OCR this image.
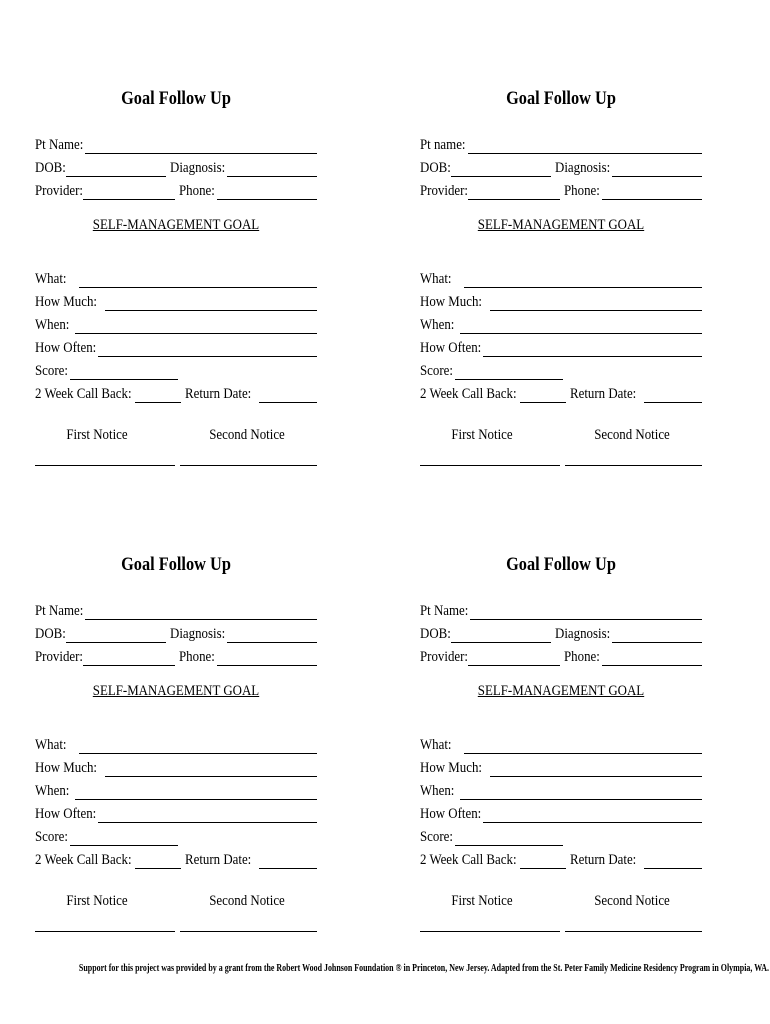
Goal Follow Up
Pt Name:
DOB:	Diagnosis:
Provider:	Phone:
SELF-MANAGEMENT GOAL
What:
How Much:
When:
How Often:
Score:
2 Week Call Back:	Return Date:
First Notice	Second Notice
Goal Follow Up
Pt name:
DOB:	Diagnosis:
Provider:	Phone:
SELF-MANAGEMENT GOAL
What:
How Much:
When:
How Often:
Score:
2 Week Call Back:	Return Date:
First Notice	Second Notice
Goal Follow Up
Pt Name:
DOB:	Diagnosis:
Provider:	Phone:
SELF-MANAGEMENT GOAL
What:
How Much:
When:
How Often:
Score:
2 Week Call Back:	Return Date:
First Notice	Second Notice
Goal Follow Up
Pt Name:
DOB:	Diagnosis:
Provider:	Phone:
SELF-MANAGEMENT GOAL
What:
How Much:
When:
How Often:
Score:
2 Week Call Back:	Return Date:
First Notice	Second Notice
Support for this project was provided by a grant from the Robert Wood Johnson Foundation ® in Princeton, New Jersey. Adapted from the St. Peter Family Medicine Residency Program in Olympia, WA.
